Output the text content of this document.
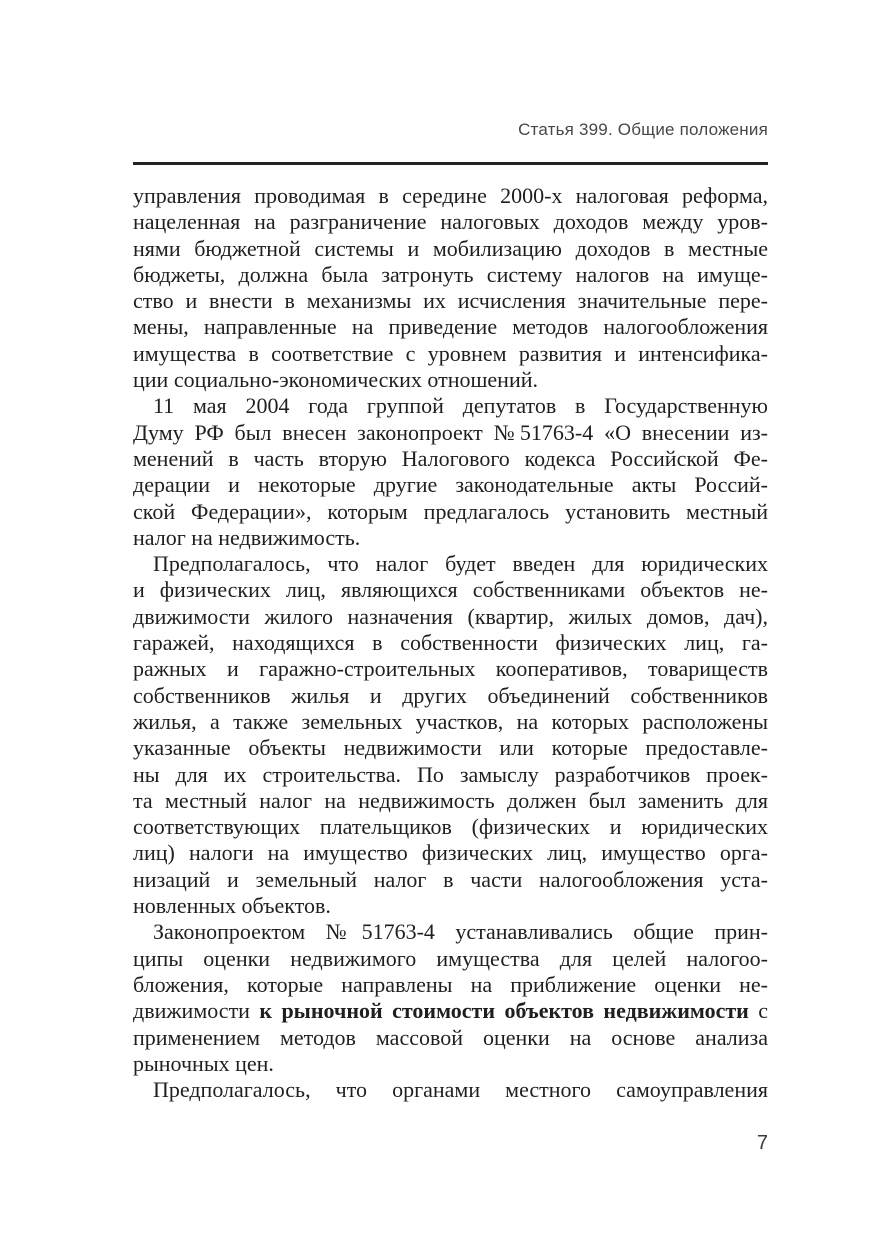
Статья 399. Общие положения
управления проводимая в середине 2000-х налоговая реформа,
нацеленная на разграничение налоговых доходов между уров-
нями бюджетной системы и мобилизацию доходов в местные
бюджеты, должна была затронуть систему налогов на имуще-
ство и внести в механизмы их исчисления значительные пере-
мены, направленные на приведение методов налогообложения
имущества в соответствие с уровнем развития и интенсифика-
ции социально-экономических отношений.
11 мая 2004 года группой депутатов в Государственную
Думу РФ был внесен законопроект №51763-4 «О внесении из-
менений в часть вторую Налогового кодекса Российской Фе-
дерации и некоторые другие законодательные акты Россий-
ской Федерации», которым предлагалось установить местный
налог на недвижимость.
Предполагалось, что налог будет введен для юридических
и физических лиц, являющихся собственниками объектов не-
движимости жилого назначения (квартир, жилых домов, дач),
гаражей, находящихся в собственности физических лиц, га-
ражных и гаражно-строительных кооперативов, товариществ
собственников жилья и других объединений собственников
жилья, а также земельных участков, на которых расположены
указанные объекты недвижимости или которые предоставле-
ны для их строительства. По замыслу разработчиков проек-
та местный налог на недвижимость должен был заменить для
соответствующих плательщиков (физических и юридических
лиц) налоги на имущество физических лиц, имущество орга-
низаций и земельный налог в части налогообложения уста-
новленных объектов.
Законопроектом №51763-4 устанавливались общие прин-
ципы оценки недвижимого имущества для целей налогоо-
бложения, которые направлены на приближение оценки не-
движимости к рыночной стоимости объектов недвижимости с
применением методов массовой оценки на основе анализа
рыночных цен.
Предполагалось, что органами местного самоуправления
7
